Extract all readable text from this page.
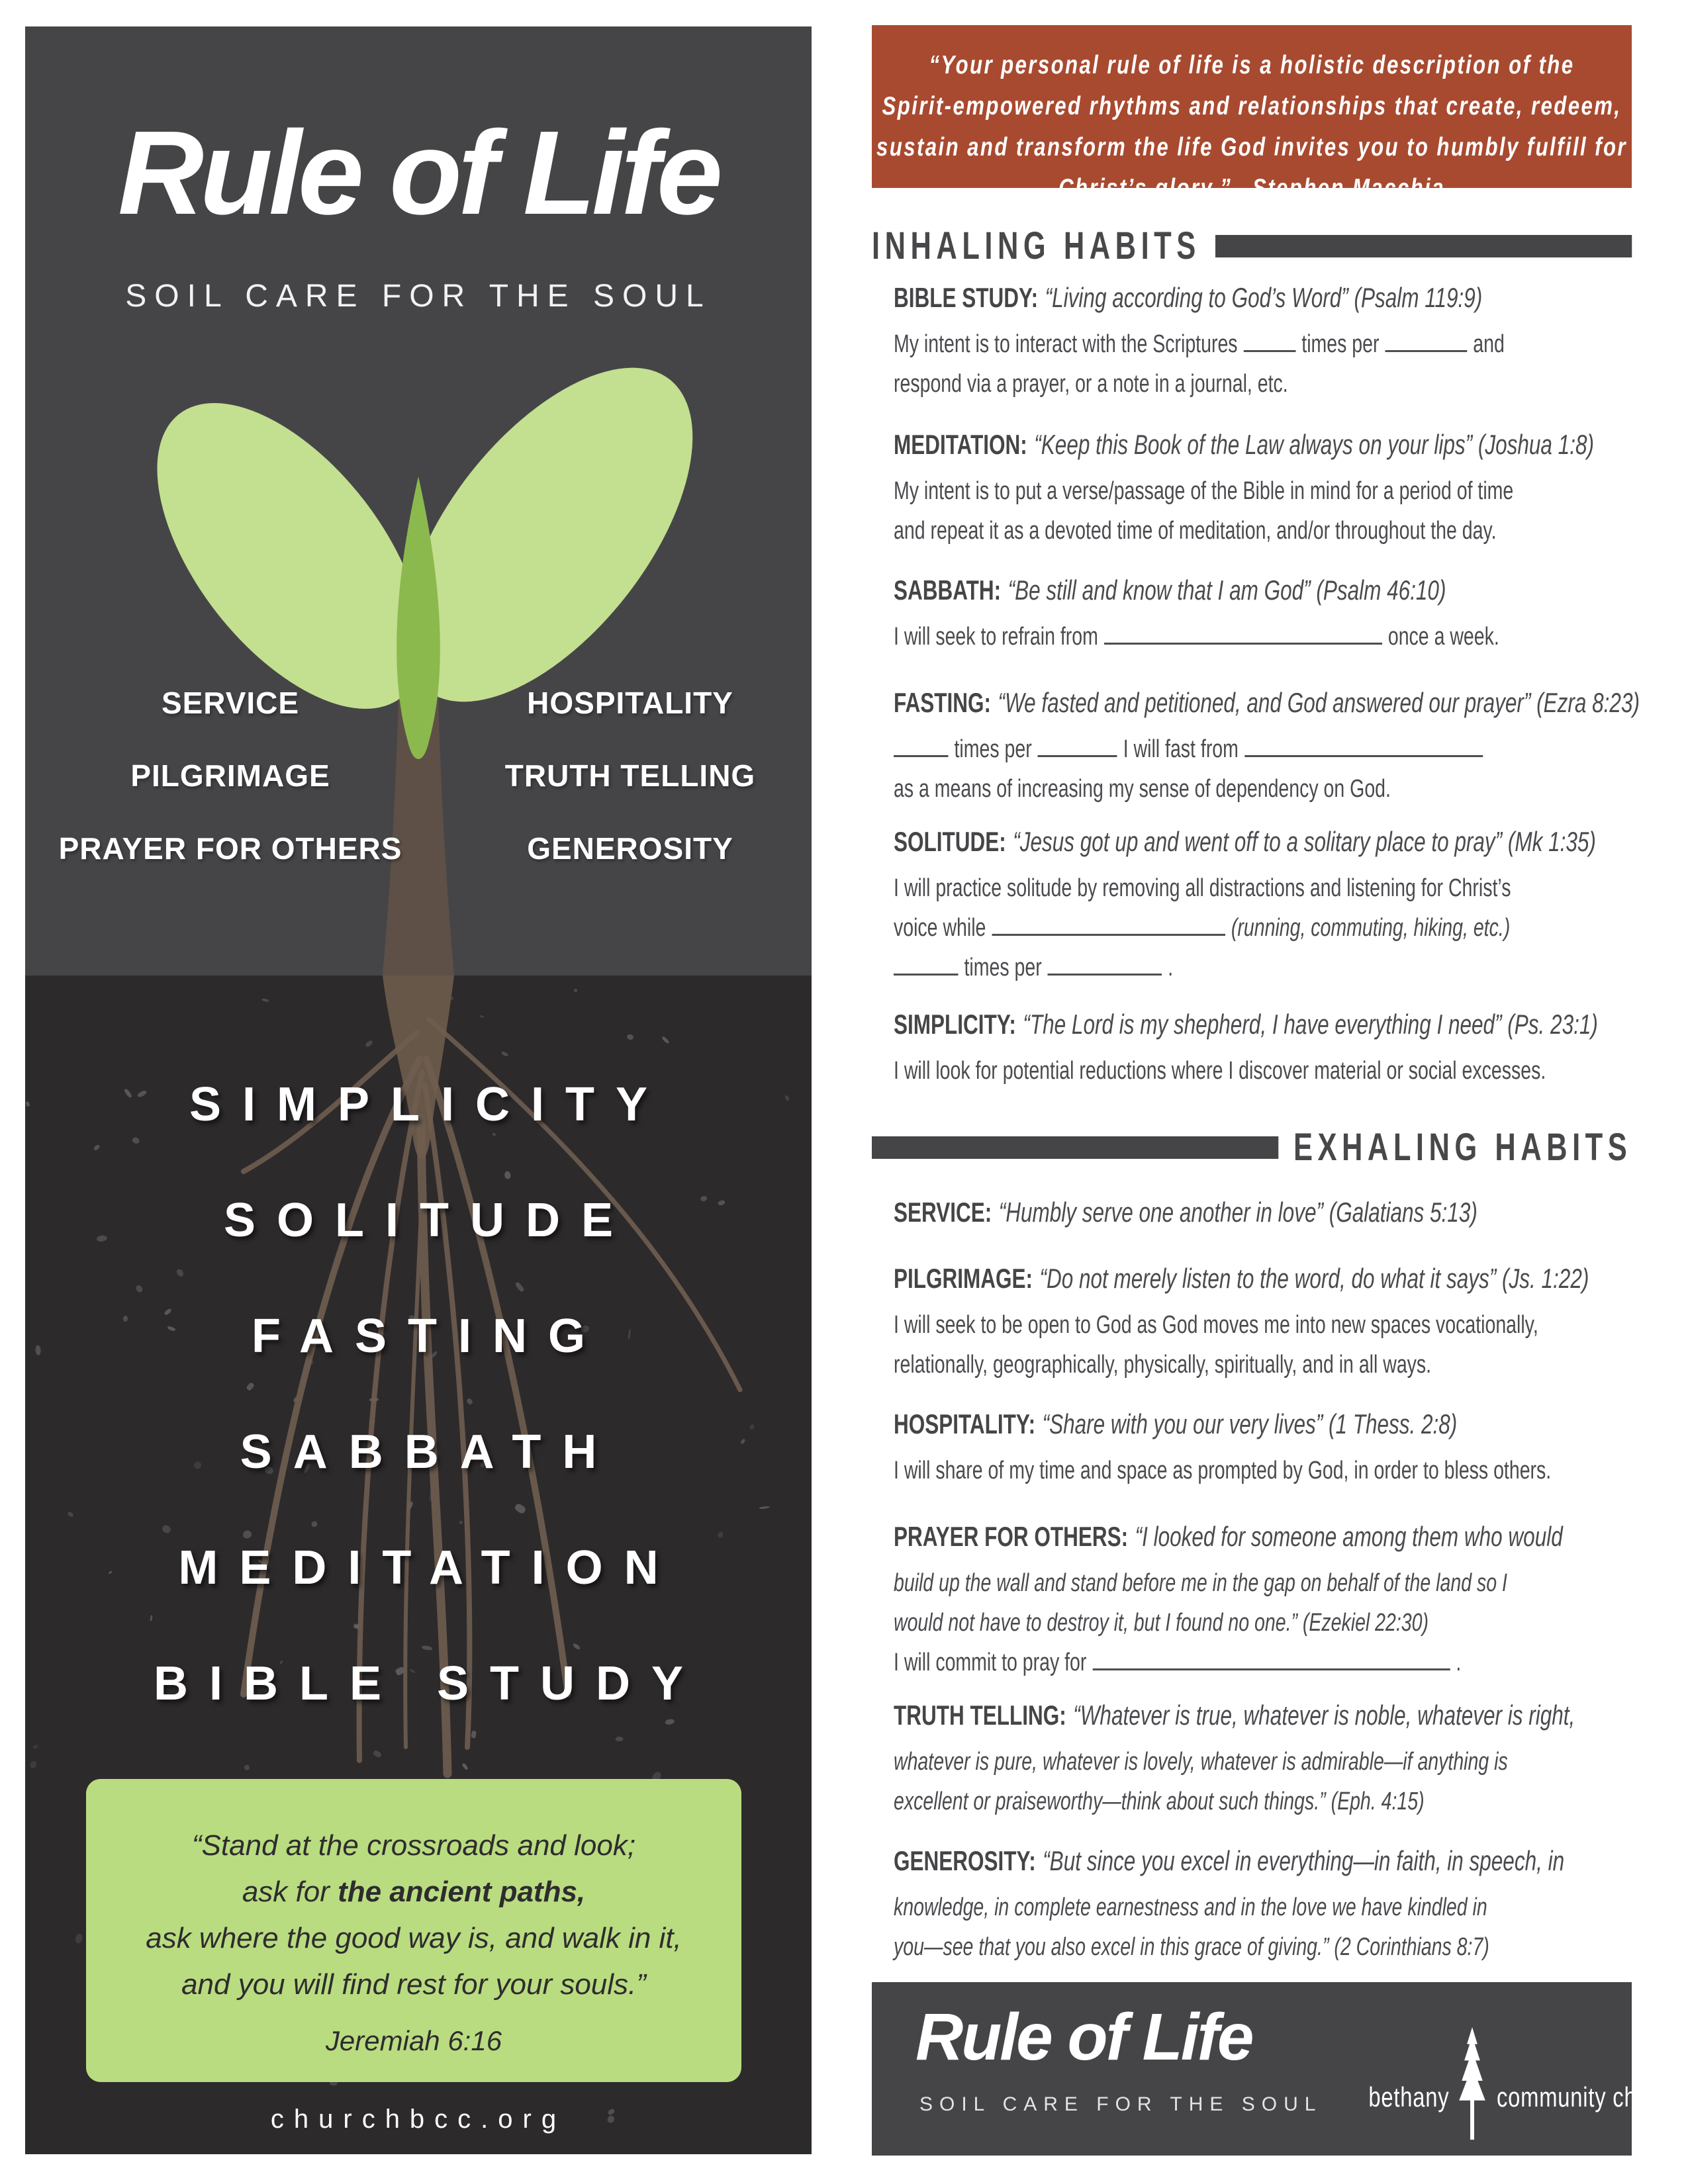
Rule of Life
SOIL CARE FOR THE SOUL
SERVICE	HOSPITALITY
PILGRIMAGE	TRUTH TELLING
PRAYER FOR OTHERS	GENEROSITY
SIMPLICITY
SOLITUDE
FASTING
SABBATH
MEDITATION
BIBLE STUDY
“Stand at the crossroads and look;
ask for the ancient paths,
ask where the good way is, and walk in it,
and you will find rest for your souls.”
Jeremiah 6:16
churchbcc.org
“Your personal rule of life is a holistic description of the
Spirit-empowered rhythms and relationships that create, redeem,
sustain and transform the life God invites you to humbly fulfill for
Christ’s glory.” –Stephen Macchia
INHALING HABITS
BIBLE STUDY: “Living according to God’s Word” (Psalm 119:9)
My intent is to interact with the Scriptures	times per	and
respond via a prayer, or a note in a journal, etc.
MEDITATION: “Keep this Book of the Law always on your lips” (Joshua 1:8)
My intent is to put a verse/passage of the Bible in mind for a period of time
and repeat it as a devoted time of meditation, and/or throughout the day.
SABBATH: “Be still and know that I am God” (Psalm 46:10)
I will seek to refrain from	once a week.
FASTING: “We fasted and petitioned, and God answered our prayer” (Ezra 8:23)
times per	I will fast from
as a means of increasing my sense of dependency on God.
SOLITUDE: “Jesus got up and went off to a solitary place to pray” (Mk 1:35)
I will practice solitude by removing all distractions and listening for Christ’s
voice while	(running, commuting, hiking, etc.)
times per	.
SIMPLICITY: “The Lord is my shepherd, I have everything I need” (Ps. 23:1)
I will look for potential reductions where I discover material or social excesses.
EXHALING HABITS
SERVICE: “Humbly serve one another in love” (Galatians 5:13)
PILGRIMAGE: “Do not merely listen to the word, do what it says” (Js. 1:22)
I will seek to be open to God as God moves me into new spaces vocationally,
relationally, geographically, physically, spiritually, and in all ways.
HOSPITALITY: “Share with you our very lives” (1 Thess. 2:8)
I will share of my time and space as prompted by God, in order to bless others.
PRAYER FOR OTHERS: “I looked for someone among them who would
build up the wall and stand before me in the gap on behalf of the land so I
would not have to destroy it, but I found no one.” (Ezekiel 22:30)
I will commit to pray for	.
TRUTH TELLING: “Whatever is true, whatever is noble, whatever is right,
whatever is pure, whatever is lovely, whatever is admirable—if anything is
excellent or praiseworthy—think about such things.” (Eph. 4:15)
GENEROSITY: “But since you excel in everything—in faith, in speech, in
knowledge, in complete earnestness and in the love we have kindled in
you—see that you also excel in this grace of giving.” (2 Corinthians 8:7)
Rule of Life
SOIL CARE FOR THE SOUL bethany community church
